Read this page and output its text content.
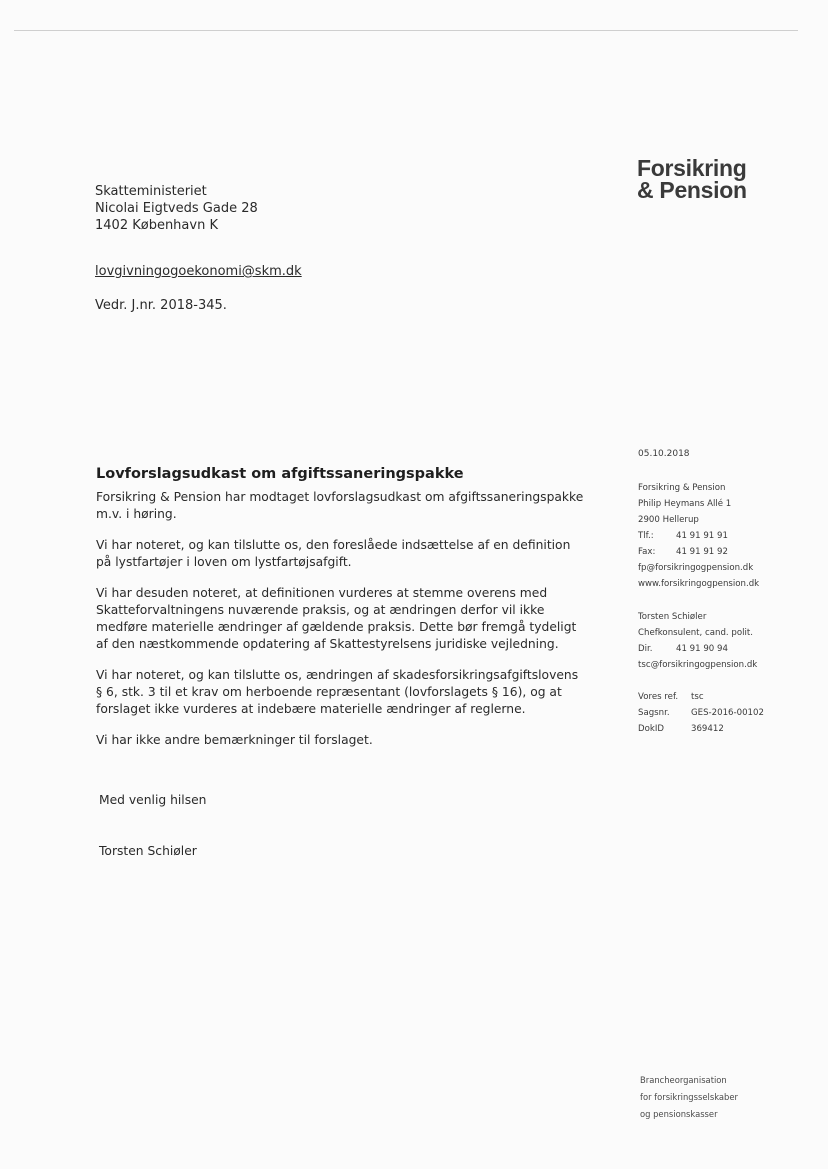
Forsikring
& Pension
Skatteministeriet
Nicolai Eigtveds Gade 28
1402 København K
lovgivningogoekonomi@skm.dk
Vedr. J.nr. 2018-345.
Lovforslagsudkast om afgiftssaneringspakke

Forsikring & Pension har modtaget lovforslagsudkast om afgiftssaneringspakke m.v. i høring.

Vi har noteret, og kan tilslutte os, den foreslåede indsættelse af en definition på lystfartøjer i loven om lystfartøjsafgift.

Vi har desuden noteret, at definitionen vurderes at stemme overens med Skatteforvaltningens nuværende praksis, og at ændringen derfor vil ikke medføre materielle ændringer af gældende praksis. Dette bør fremgå tydeligt af den næstkommende opdatering af Skattestyrelsens juridiske vejledning.

Vi har noteret, og kan tilslutte os, ændringen af skadesforsikringsafgiftslovens § 6, stk. 3 til et krav om herboende repræsentant (lovforslagets § 16), og at forslaget ikke vurderes at indebære materielle ændringer af reglerne.

Vi har ikke andre bemærkninger til forslaget.

Med venlig hilsen
Torsten Schiøler
05.10.2018
Forsikring & Pension
Philip Heymans Allé 1
2900 Hellerup
Tlf.:	41 91 91 91
Fax: 41 91 91 92
fp@forsikringogpension.dk
www.forsikringogpension.dk
Torsten Schiøler
Chefkonsulent, cand. polit.
Dir.	41 91 90 94
tsc@forsikringogpension.dk
Vores ref. tsc
Sagsnr. GES-2016-00102
DokID	369412
Brancheorganisation
for forsikringsselskaber
og pensionskasser
